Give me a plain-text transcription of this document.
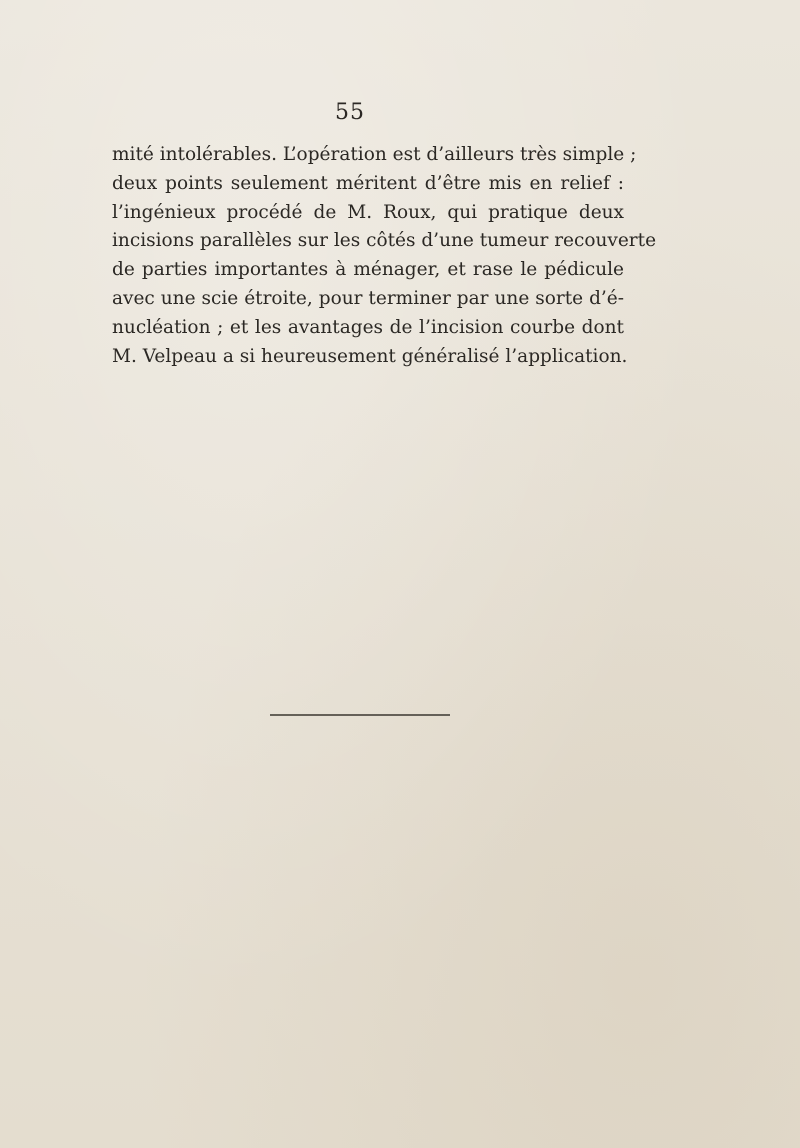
55

mité intolérables. L’opération est d’ailleurs très simple ;
deux points seulement méritent d’être mis en relief :
l’ingénieux procédé de M. Roux, qui pratique deux
incisions parallèles sur les côtés d’une tumeur recouverte
de parties importantes à ménager, et rase le pédicule
avec une scie étroite, pour terminer par une sorte d’é-
nucléation ; et les avantages de l’incision courbe dont
M. Velpeau a si heureusement généralisé l’application.
